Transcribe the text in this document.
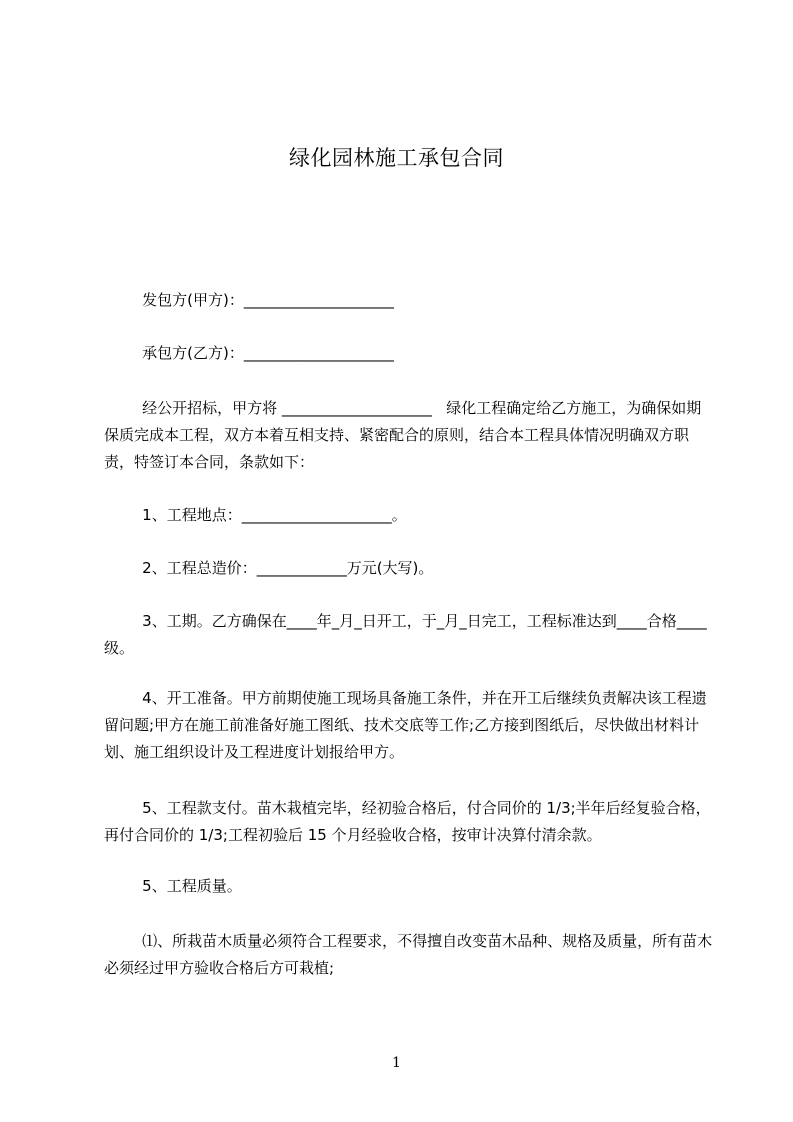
绿化园林施工承包合同

发包方(甲方)：____________________

承包方(乙方)：____________________

经公开招标，甲方将 ____________________   绿化工程确定给乙方施工，为确保如期保质完成本工程，双方本着互相支持、紧密配合的原则，结合本工程具体情况明确双方职责，特签订本合同，条款如下：

1、工程地点：____________________。

2、工程总造价：____________万元(大写)。

3、工期。乙方确保在____年_月_日开工，于_月_日完工，工程标准达到____合格____级。

4、开工准备。甲方前期使施工现场具备施工条件，并在开工后继续负责解决该工程遗留问题;甲方在施工前准备好施工图纸、技术交底等工作;乙方接到图纸后，尽快做出材料计划、施工组织设计及工程进度计划报给甲方。

5、工程款支付。苗木栽植完毕，经初验合格后，付合同价的 1/3;半年后经复验合格，再付合同价的 1/3;工程初验后 15 个月经验收合格，按审计决算付清余款。

5、工程质量。

⑴、所栽苗木质量必须符合工程要求，不得擅自改变苗木品种、规格及质量，所有苗木必须经过甲方验收合格后方可栽植;

1
